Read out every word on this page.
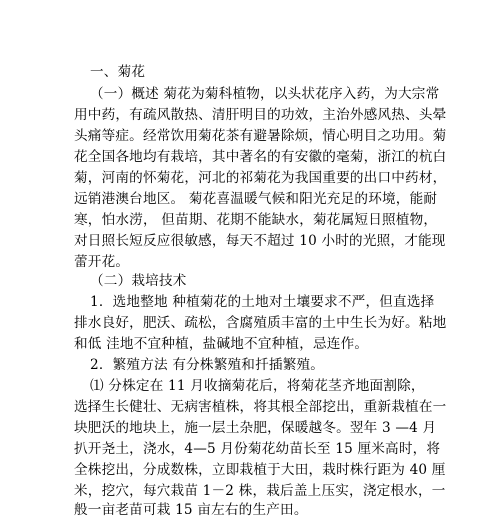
一、菊花
（一）概述 菊花为菊科植物，以头状花序入药，为大宗常
用中药，有疏风散热、清肝明目的功效，主治外感风热、头晕
头痛等症。经常饮用菊花茶有避暑除烦，情心明目之功用。菊
花全国各地均有栽培，其中著名的有安徽的毫菊，浙江的杭白
菊，河南的怀菊花，河北的祁菊花为我国重要的出口中药材，
远销港澳台地区。 菊花喜温暖气候和阳光充足的环境，能耐
寒，怕水涝， 但苗期、花期不能缺水，菊花属短日照植物，
对日照长短反应很敏感，每天不超过 10 小时的光照，才能现
蕾开花。
（二）栽培技术
1．选地整地 种植菊花的土地对土壤要求不严，但直选择
排水良好，肥沃、疏松，含腐殖质丰富的土中生长为好。粘地
和低 洼地不宜种植，盐碱地不宜种植，忌连作。
2．繁殖方法 有分株繁殖和扦插繁殖。
⑴ 分株定在 11 月收摘菊花后，将菊花茎齐地面割除，
选择生长健壮、无病害植株，将其根全部挖出，重新栽植在一
块肥沃的地块上，施一层土杂肥，保暖越冬。翌年 3 —4 月
扒开尧土，浇水，4—5 月份菊花幼苗长至 15 厘米高时，将
全株挖出，分成数株，立即栽植于大田，栽时株行距为 40 厘
米，挖穴，每穴栽苗 1－2 株，栽后盖上压实，浇定根水，一
般一亩老苗可栽 15 亩左右的生产田。
